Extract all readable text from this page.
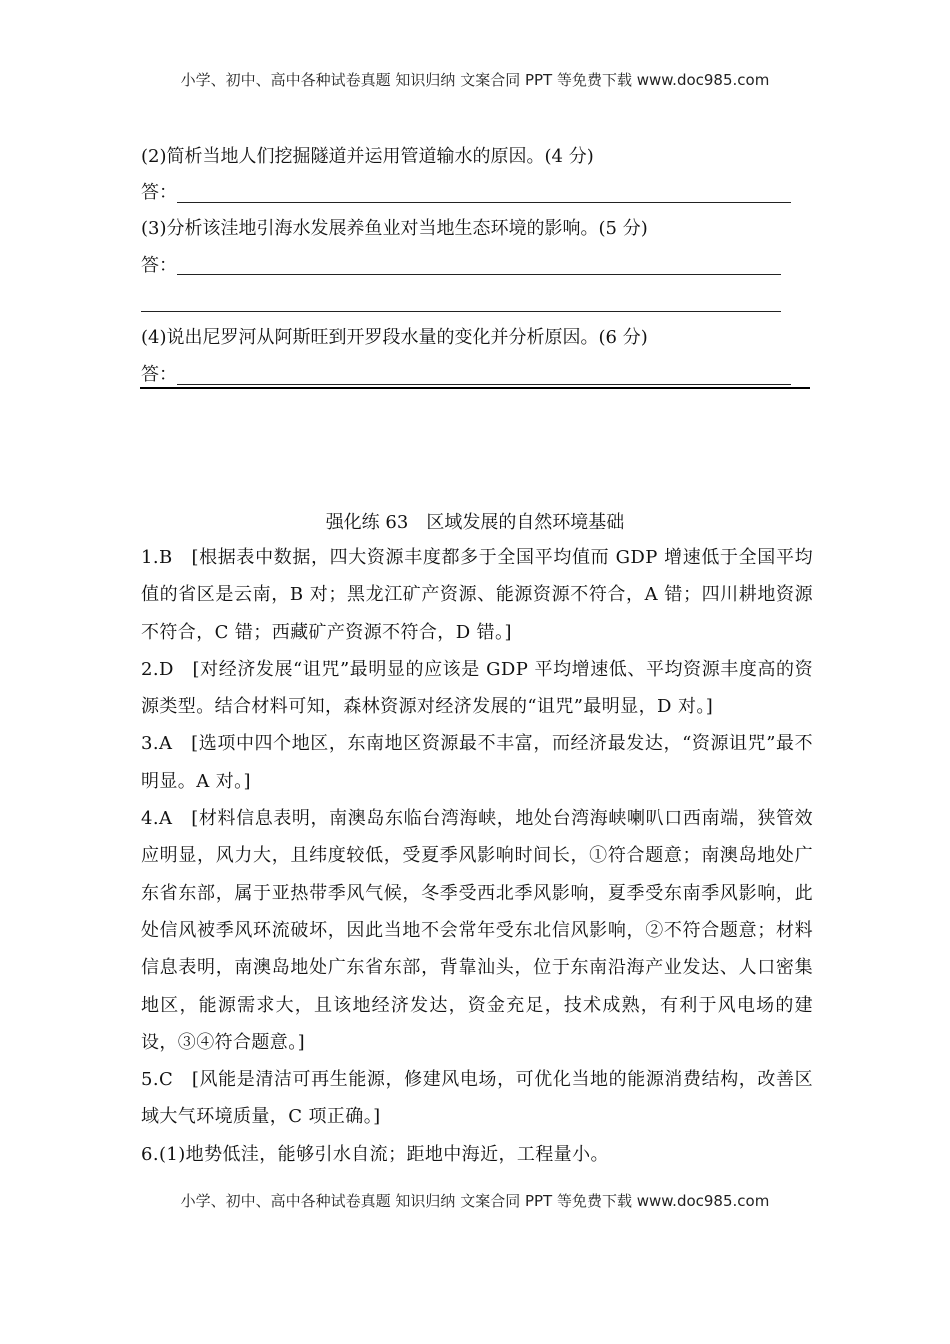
小学、初中、高中各种试卷真题 知识归纳 文案合同 PPT 等免费下载 www.doc985.com
(2)简析当地人们挖掘隧道并运用管道输水的原因。(4 分)
答：
(3)分析该洼地引海水发展养鱼业对当地生态环境的影响。(5 分)
答：
(4)说出尼罗河从阿斯旺到开罗段水量的变化并分析原因。(6 分)
答：
强化练 63　区域发展的自然环境基础

1.B　[根据表中数据，四大资源丰度都多于全国平均值而 GDP 增速低于全国平均值的省区是云南，B 对；黑龙江矿产资源、能源资源不符合，A 错；四川耕地资源不符合，C 错；西藏矿产资源不符合，D 错。]

2.D　[对经济发展“诅咒”最明显的应该是 GDP 平均增速低、平均资源丰度高的资源类型。结合材料可知，森林资源对经济发展的“诅咒”最明显，D 对。]

3.A　[选项中四个地区，东南地区资源最不丰富，而经济最发达，“资源诅咒”最不明显。A 对。]

4.A　[材料信息表明，南澳岛东临台湾海峡，地处台湾海峡喇叭口西南端，狭管效应明显，风力大，且纬度较低，受夏季风影响时间长，①符合题意；南澳岛地处广东省东部，属于亚热带季风气候，冬季受西北季风影响，夏季受东南季风影响，此处信风被季风环流破坏，因此当地不会常年受东北信风影响，②不符合题意；材料信息表明，南澳岛地处广东省东部，背靠汕头，位于东南沿海产业发达、人口密集地区，能源需求大，且该地经济发达，资金充足，技术成熟，有利于风电场的建设，③④符合题意。]

5.C　[风能是清洁可再生能源，修建风电场，可优化当地的能源消费结构，改善区域大气环境质量，C 项正确。]

6.(1)地势低洼，能够引水自流；距地中海近，工程量小。

小学、初中、高中各种试卷真题 知识归纳 文案合同 PPT 等免费下载 www.doc985.com
